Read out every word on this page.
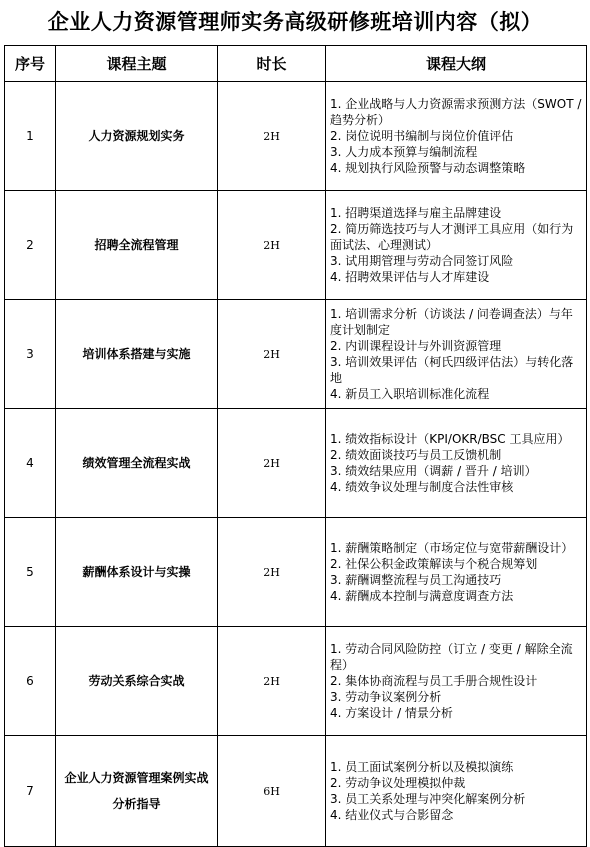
企业人力资源管理师实务高级研修班培训内容（拟）
序号	课程主题	时长	课程大纲
1	人力资源规划实务	2H	1. 企业战略与人力资源需求预测方法（SWOT / 趋势分析）
2. 岗位说明书编制与岗位价值评估
3. 人力成本预算与编制流程
4. 规划执行风险预警与动态调整策略

2	招聘全流程管理	2H	1. 招聘渠道选择与雇主品牌建设
2. 简历筛选技巧与人才测评工具应用（如行为面试法、心理测试）
3. 试用期管理与劳动合同签订风险
4. 招聘效果评估与人才库建设

3	培训体系搭建与实施	2H	1. 培训需求分析（访谈法 / 问卷调查法）与年度计划制定
2. 内训课程设计与外训资源管理
3. 培训效果评估（柯氏四级评估法）与转化落地
4. 新员工入职培训标准化流程

4	绩效管理全流程实战	2H	1. 绩效指标设计（KPI/OKR/BSC 工具应用）
2. 绩效面谈技巧与员工反馈机制
3. 绩效结果应用（调薪 / 晋升 / 培训）
4. 绩效争议处理与制度合法性审核

5	薪酬体系设计与实操	2H	1. 薪酬策略制定（市场定位与宽带薪酬设计）
2. 社保公积金政策解读与个税合规筹划
3. 薪酬调整流程与员工沟通技巧
4. 薪酬成本控制与满意度调查方法

6	劳动关系综合实战	2H	1. 劳动合同风险防控（订立 / 变更 / 解除全流程）
2. 集体协商流程与员工手册合规性设计
3. 劳动争议案例分析
4. 方案设计 / 情景分析

7	企业人力资源管理案例实战分析指导	6H	1. 员工面试案例分析以及模拟演练
2. 劳动争议处理模拟仲裁
3. 员工关系处理与冲突化解案例分析
4. 结业仪式与合影留念
